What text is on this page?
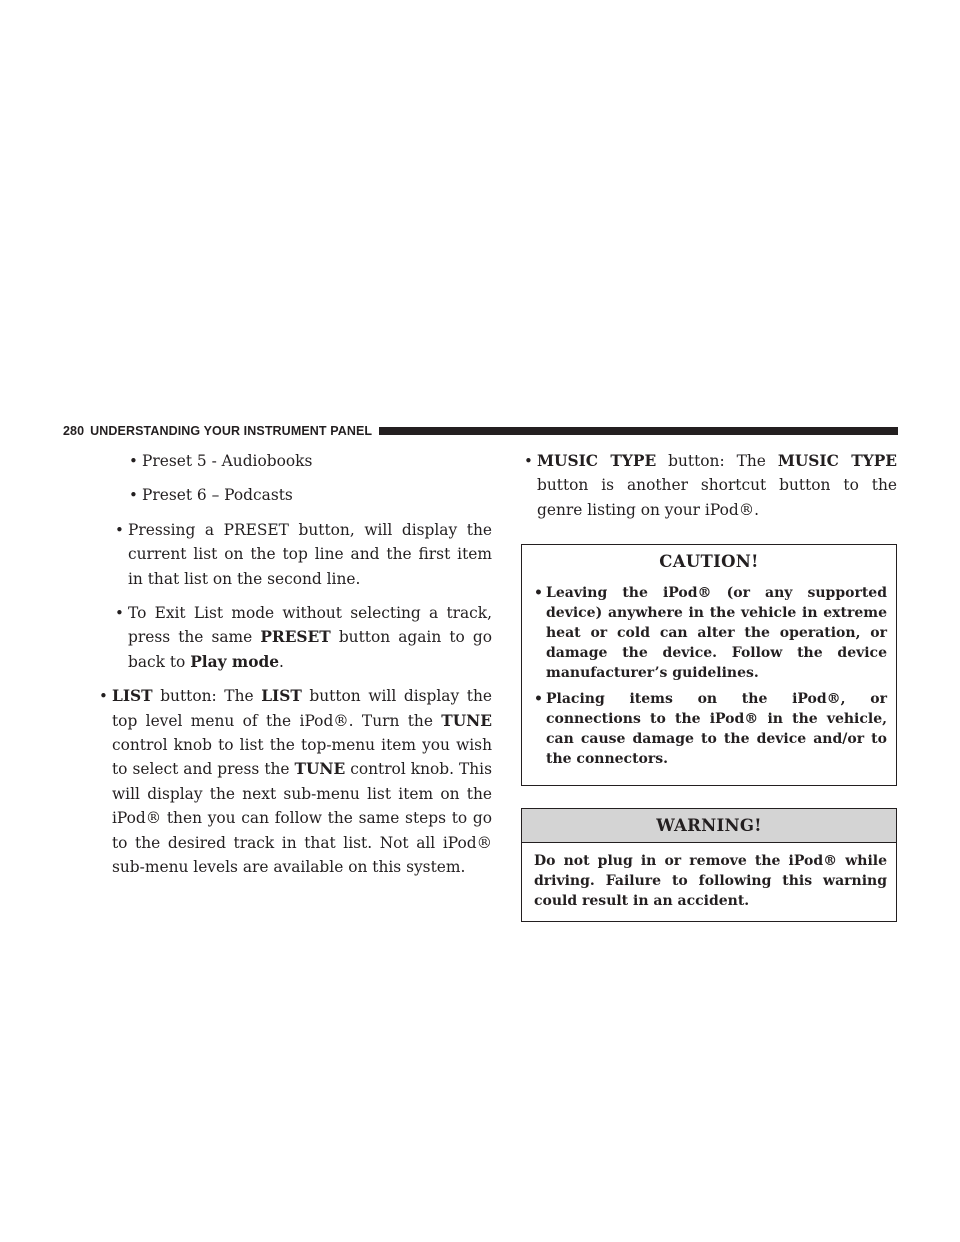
280 UNDERSTANDING YOUR INSTRUMENT PANEL
• Preset 5 - Audiobooks
• Preset 6 – Podcasts
• Pressing a PRESET button, will display the current list on the top line and the first item in that list on the second line.
• To Exit List mode without selecting a track, press the same PRESET button again to go back to Play mode.
• LIST button: The LIST button will display the top level menu of the iPod®. Turn the TUNE control knob to list the top-menu item you wish to select and press the TUNE control knob. This will display the next sub-menu list item on the iPod® then you can follow the same steps to go to the desired track in that list. Not all iPod® sub-menu levels are available on this system.
• MUSIC TYPE button: The MUSIC TYPE button is another shortcut button to the genre listing on your iPod®.
CAUTION!
• Leaving the iPod® (or any supported device) anywhere in the vehicle in extreme heat or cold can alter the operation, or damage the device. Follow the device manufacturer’s guidelines.
• Placing items on the iPod®, or connections to the iPod® in the vehicle, can cause damage to the device and/or to the connectors.
WARNING!
Do not plug in or remove the iPod® while driving. Failure to following this warning could result in an accident.
